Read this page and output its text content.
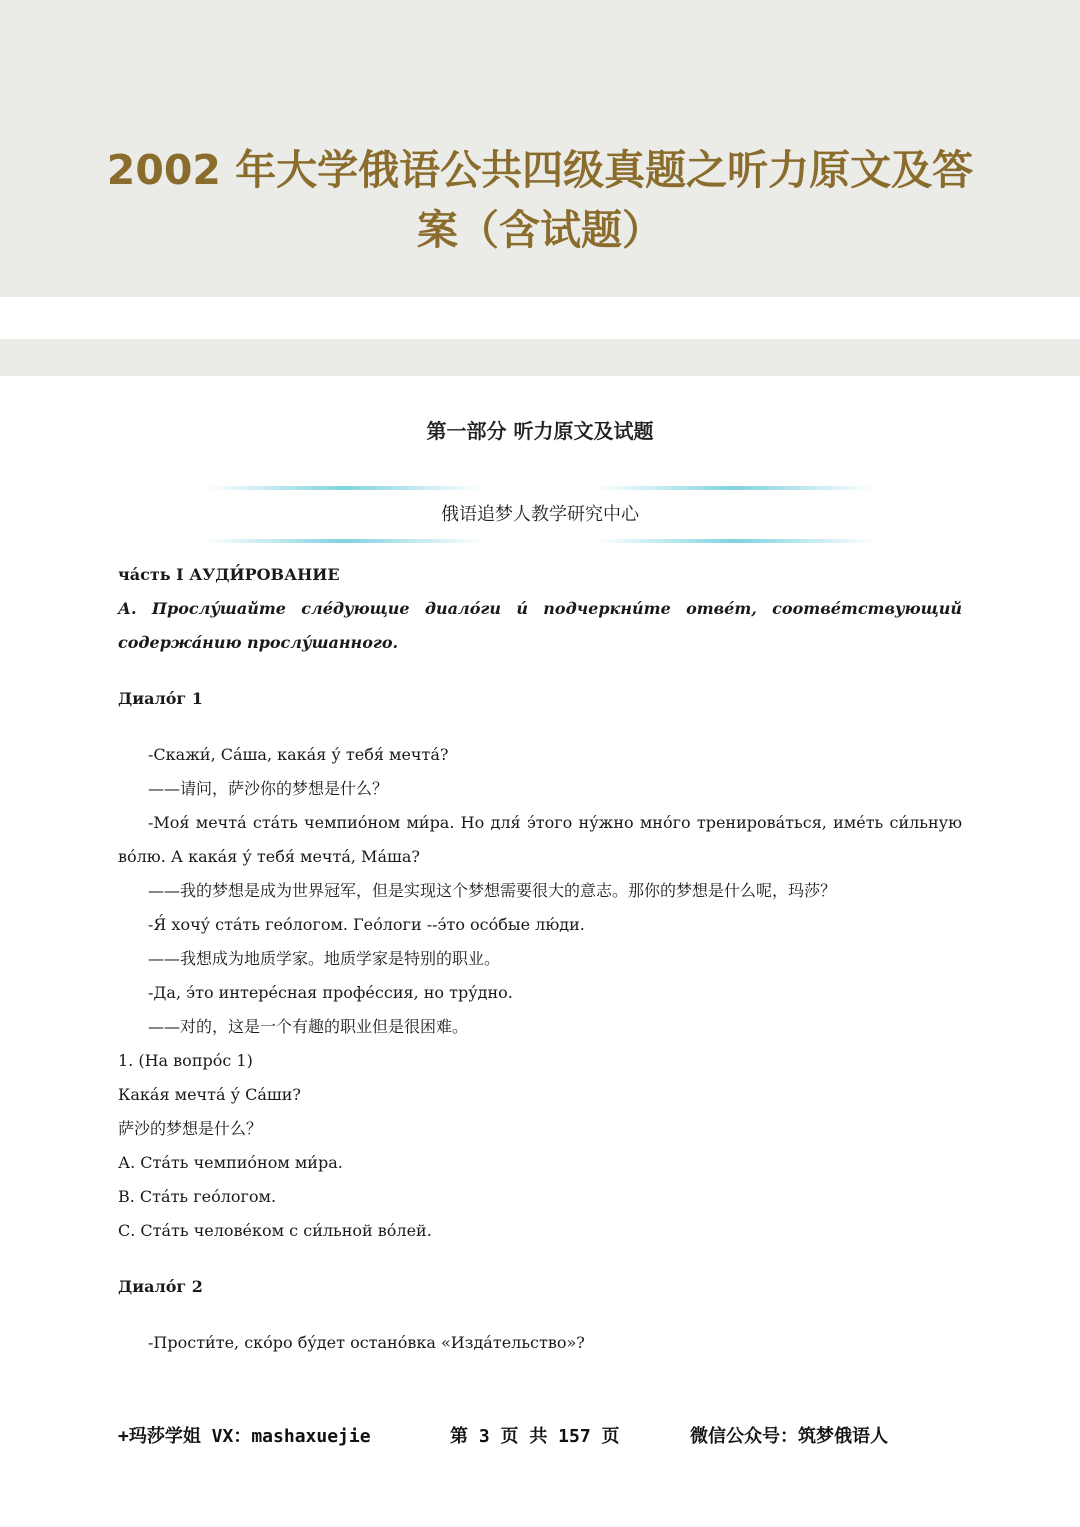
2002 年大学俄语公共四级真题之听力原文及答
案（含试题）
第一部分 听力原文及试题
俄语追梦人教学研究中心

ча́сть I АУДИ́РОВАНИЕ

А. Прослу́шайте сле́дующие диало́ги и́ подчеркни́те отве́т, соотве́тствующий содержа́нию прослу́шанного.

Диало́г 1

-Скажи́, Са́ша, кака́я у́ тебя́ мечта́?

——请问，萨沙你的梦想是什么？

-Моя́ мечта́ ста́ть чемпио́ном ми́ра. Но для́ э́того ну́жно мно́го тренирова́ться, име́ть си́льную во́лю. А кака́я у́ тебя́ мечта́, Ма́ша?

——我的梦想是成为世界冠军，但是实现这个梦想需要很大的意志。那你的梦想是什么呢，玛莎？

-Я́ хочу́ ста́ть гео́логом. Гео́логи --э́то осо́бые лю́ди.

——我想成为地质学家。地质学家是特别的职业。

-Да, э́то интере́сная профе́ссия, но тру́дно.

——对的，这是一个有趣的职业但是很困难。

1. (На вопро́с 1)

Кака́я мечта́ у́ Са́ши?

萨沙的梦想是什么？

А. Ста́ть чемпио́ном ми́ра.

В. Ста́ть гео́логом.

С. Ста́ть челове́ком с си́льной во́лей.

Диало́г 2

-Прости́те, ско́ро бу́дет остано́вка «Изда́тельство»?

+玛莎学姐 VX：mashaxuejie	第 3 页 共 157 页	微信公众号：筑梦俄语人
